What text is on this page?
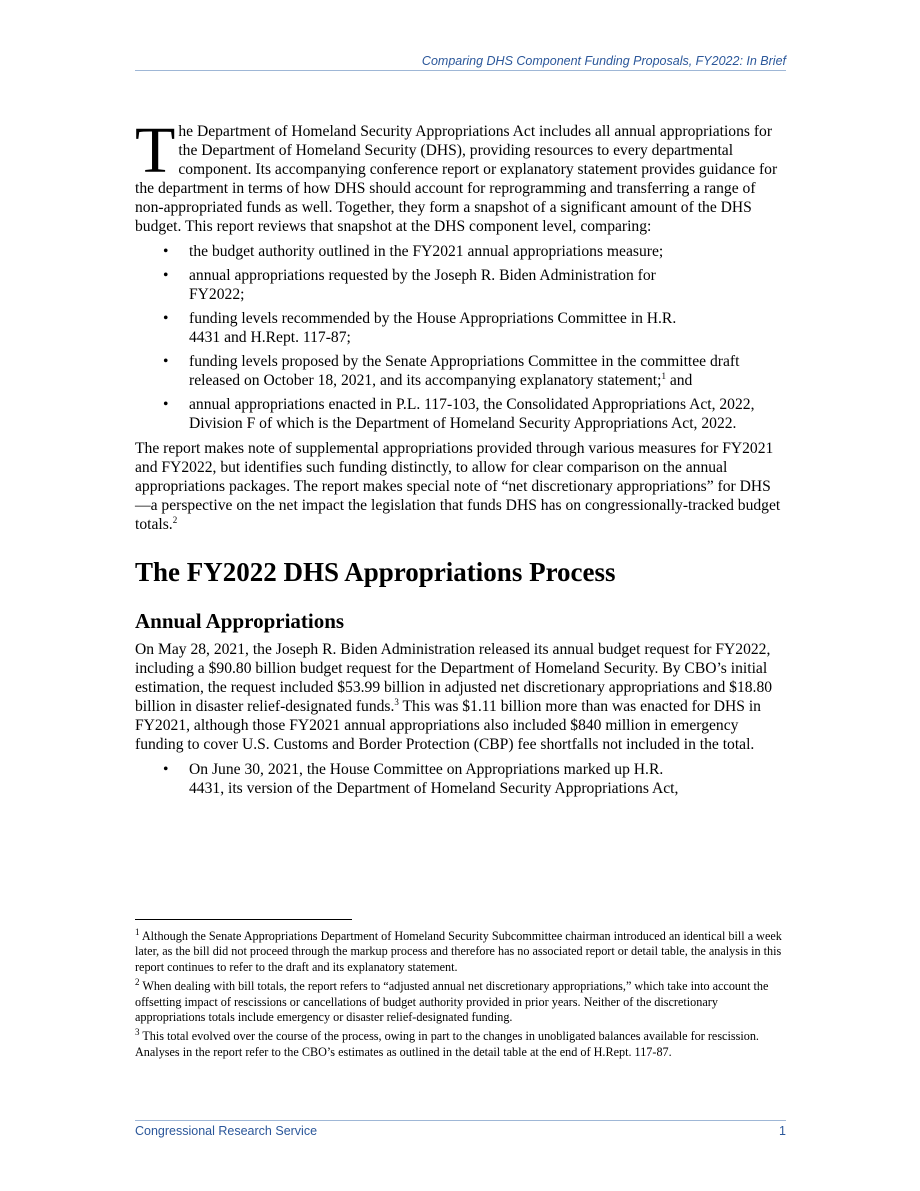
Comparing DHS Component Funding Proposals, FY2022: In Brief

The Department of Homeland Security Appropriations Act includes all annual appropriations for the Department of Homeland Security (DHS), providing resources to every departmental component. Its accompanying conference report or explanatory statement provides guidance for the department in terms of how DHS should account for reprogramming and transferring a range of non-appropriated funds as well. Together, they form a snapshot of a significant amount of the DHS budget. This report reviews that snapshot at the DHS component level, comparing:

• the budget authority outlined in the FY2021 annual appropriations measure;
• annual appropriations requested by the Joseph R. Biden Administration for FY2022;
• funding levels recommended by the House Appropriations Committee in H.R. 4431 and H.Rept. 117-87;
• funding levels proposed by the Senate Appropriations Committee in the committee draft released on October 18, 2021, and its accompanying explanatory statement;$^1$ and
• annual appropriations enacted in P.L. 117-103, the Consolidated Appropriations Act, 2022, Division F of which is the Department of Homeland Security Appropriations Act, 2022.

The report makes note of supplemental appropriations provided through various measures for FY2021 and FY2022, but identifies such funding distinctly, to allow for clear comparison on the annual appropriations packages. The report makes special note of “net discretionary appropriations” for DHS—a perspective on the net impact the legislation that funds DHS has on congressionally-tracked budget totals.$^2$

The FY2022 DHS Appropriations Process
Annual Appropriations

On May 28, 2021, the Joseph R. Biden Administration released its annual budget request for FY2022, including a $90.80 billion budget request for the Department of Homeland Security. By CBO’s initial estimation, the request included $53.99 billion in adjusted net discretionary appropriations and $18.80 billion in disaster relief-designated funds.$^3$ This was $1.11 billion more than was enacted for DHS in FY2021, although those FY2021 annual appropriations also included $840 million in emergency funding to cover U.S. Customs and Border Protection (CBP) fee shortfalls not included in the total.

• On June 30, 2021, the House Committee on Appropriations marked up H.R. 4431, its version of the Department of Homeland Security Appropriations Act,

$^1$ Although the Senate Appropriations Department of Homeland Security Subcommittee chairman introduced an identical bill a week later, as the bill did not proceed through the markup process and therefore has no associated report or detail table, the analysis in this report continues to refer to the draft and its explanatory statement.

$^2$ When dealing with bill totals, the report refers to “adjusted annual net discretionary appropriations,” which take into account the offsetting impact of rescissions or cancellations of budget authority provided in prior years. Neither of the discretionary appropriations totals include emergency or disaster relief-designated funding.

$^3$ This total evolved over the course of the process, owing in part to the changes in unobligated balances available for rescission. Analyses in the report refer to the CBO’s estimates as outlined in the detail table at the end of H.Rept. 117-87.

Congressional Research Service	1
